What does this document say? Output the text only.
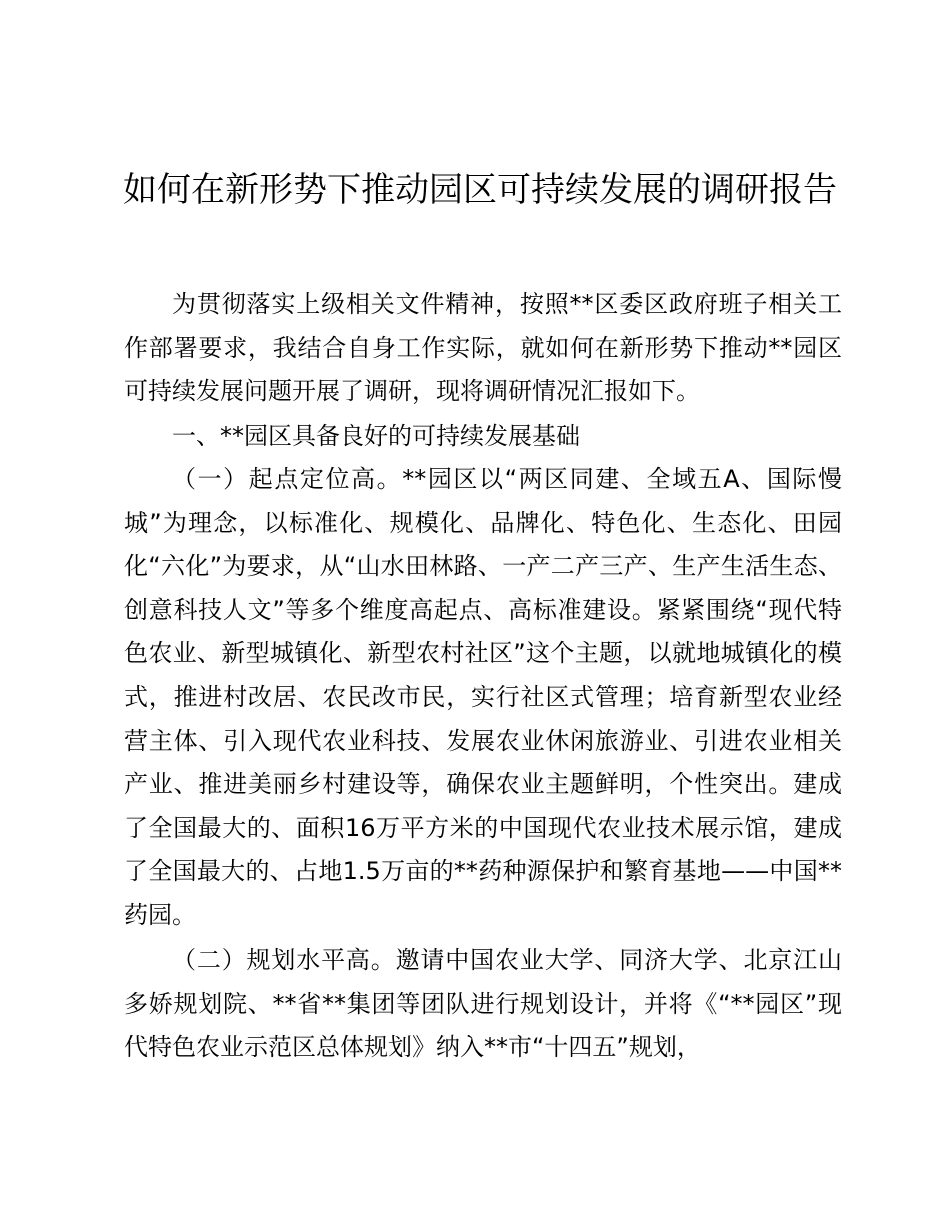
如何在新形势下推动园区可持续发展的调研报告

为贯彻落实上级相关文件精神，按照**区委区政府班子相关工作部署要求，我结合自身工作实际，就如何在新形势下推动**园区可持续发展问题开展了调研，现将调研情况汇报如下。

一、**园区具备良好的可持续发展基础

（一）起点定位高。**园区以“两区同建、全域五A、国际慢城”为理念，以标准化、规模化、品牌化、特色化、生态化、田园化“六化”为要求，从“山水田林路、一产二产三产、生产生活生态、创意科技人文”等多个维度高起点、高标准建设。紧紧围绕“现代特色农业、新型城镇化、新型农村社区”这个主题，以就地城镇化的模式，推进村改居、农民改市民，实行社区式管理；培育新型农业经营主体、引入现代农业科技、发展农业休闲旅游业、引进农业相关产业、推进美丽乡村建设等，确保农业主题鲜明，个性突出。建成了全国最大的、面积16万平方米的中国现代农业技术展示馆，建成了全国最大的、占地1.5万亩的**药种源保护和繁育基地——中国**药园。

（二）规划水平高。邀请中国农业大学、同济大学、北京江山多娇规划院、**省**集团等团队进行规划设计，并将《“**园区”现代特色农业示范区总体规划》纳入**市“十四五”规划，
